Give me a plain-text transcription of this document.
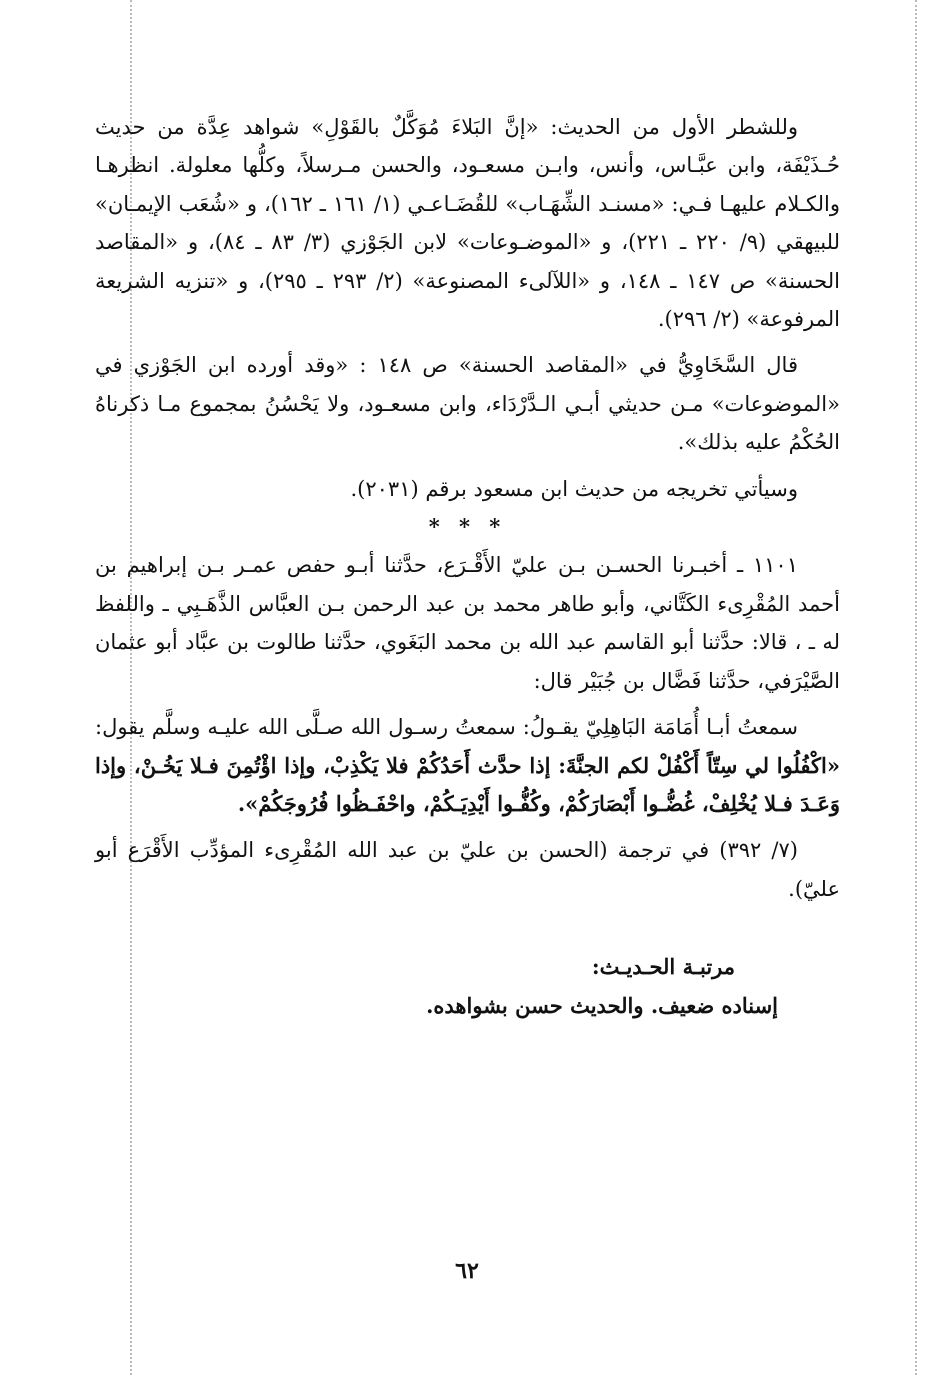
وللشطر الأول من الحديث: «إنَّ البَلاءَ مُوَكَّلٌ بالقَوْلِ» شواهد عِدَّة من حديث حُـذَيْفَة، وابن عبَّـاس، وأنس، وابـن مسعـود، والحسن مـرسلاً، وكلُّها معلولة. انظرهـا والكـلام عليهـا فـي: «مسنـد الشِّهَـاب» للقُضَـاعـي (١/ ١٦١ ـ ١٦٢)، و «شُعَب الإيمـان» للبيهقي (٩/ ٢٢٠ ـ ٢٢١)، و «الموضـوعات» لابن الجَوْزي (٣/ ٨٣ ـ ٨٤)، و «المقاصد الحسنة» ص ١٤٧ ـ ١٤٨، و «اللآلىء المصنوعة» (٢/ ٢٩٣ ـ ٢٩٥)، و «تنزيه الشريعة المرفوعة» (٢/ ٢٩٦).

قال السَّخَاوِيُّ في «المقاصد الحسنة» ص ١٤٨ : «وقد أورده ابن الجَوْزي في «الموضوعات» مـن حديثي أبـي الـدَّرْدَاء، وابن مسعـود، ولا يَحْسُنُ بمجموع مـا ذكرناهُ الحُكْمُ عليه بذلك».

وسيأتي تخريجه من حديث ابن مسعود برقم (٢٠٣١).

* * *

١١٠١ ـ أخبـرنا الحسـن بـن عليّ الأَقْـرَع، حدَّثنا أبـو حفص عمـر بـن إبراهيم بن أحمد المُقْرِىء الكَتَّاني، وأبو طاهر محمد بن عبد الرحمن بـن العبَّاس الذَّهَـبِي ـ واللفظ له ـ ، قالا: حدَّثنا أبو القاسم عبد الله بن محمد البَغَوي، حدَّثنا طالوت بن عبَّاد أبو عثمان الصَّيْرَفي، حدَّثنا فَضَّال بن جُبَيْر قال:

سمعتُ أبـا أُمَامَة البَاهِلِيّ يقـولُ: سمعتُ رسـول الله صـلَّى الله عليـه وسلَّم يقول: «اكْفُلُوا لي سِتّاً أَكْفُلْ لكم الجنَّةَ: إذا حدَّث أَحَدُكُمْ فلا يَكْذِبْ، وإذا اؤْتُمِنَ فـلا يَخُـنْ، وإذا وَعَـدَ فـلا يُخْلِفْ، غُضُّـوا أَبْصَارَكُمْ، وكُفُّـوا أَيْدِيَـكُمْ، واحْفَـظُوا فُرُوجَكُمْ».

(٧/ ٣٩٢) في ترجمة (الحسن بن عليّ بن عبد الله المُقْرِىء المؤدِّب الأَقْرَع أبو عليّ).

مرتبـة الحـديـث:

إسناده ضعيف. والحديث حسن بشواهده.

٦٢
